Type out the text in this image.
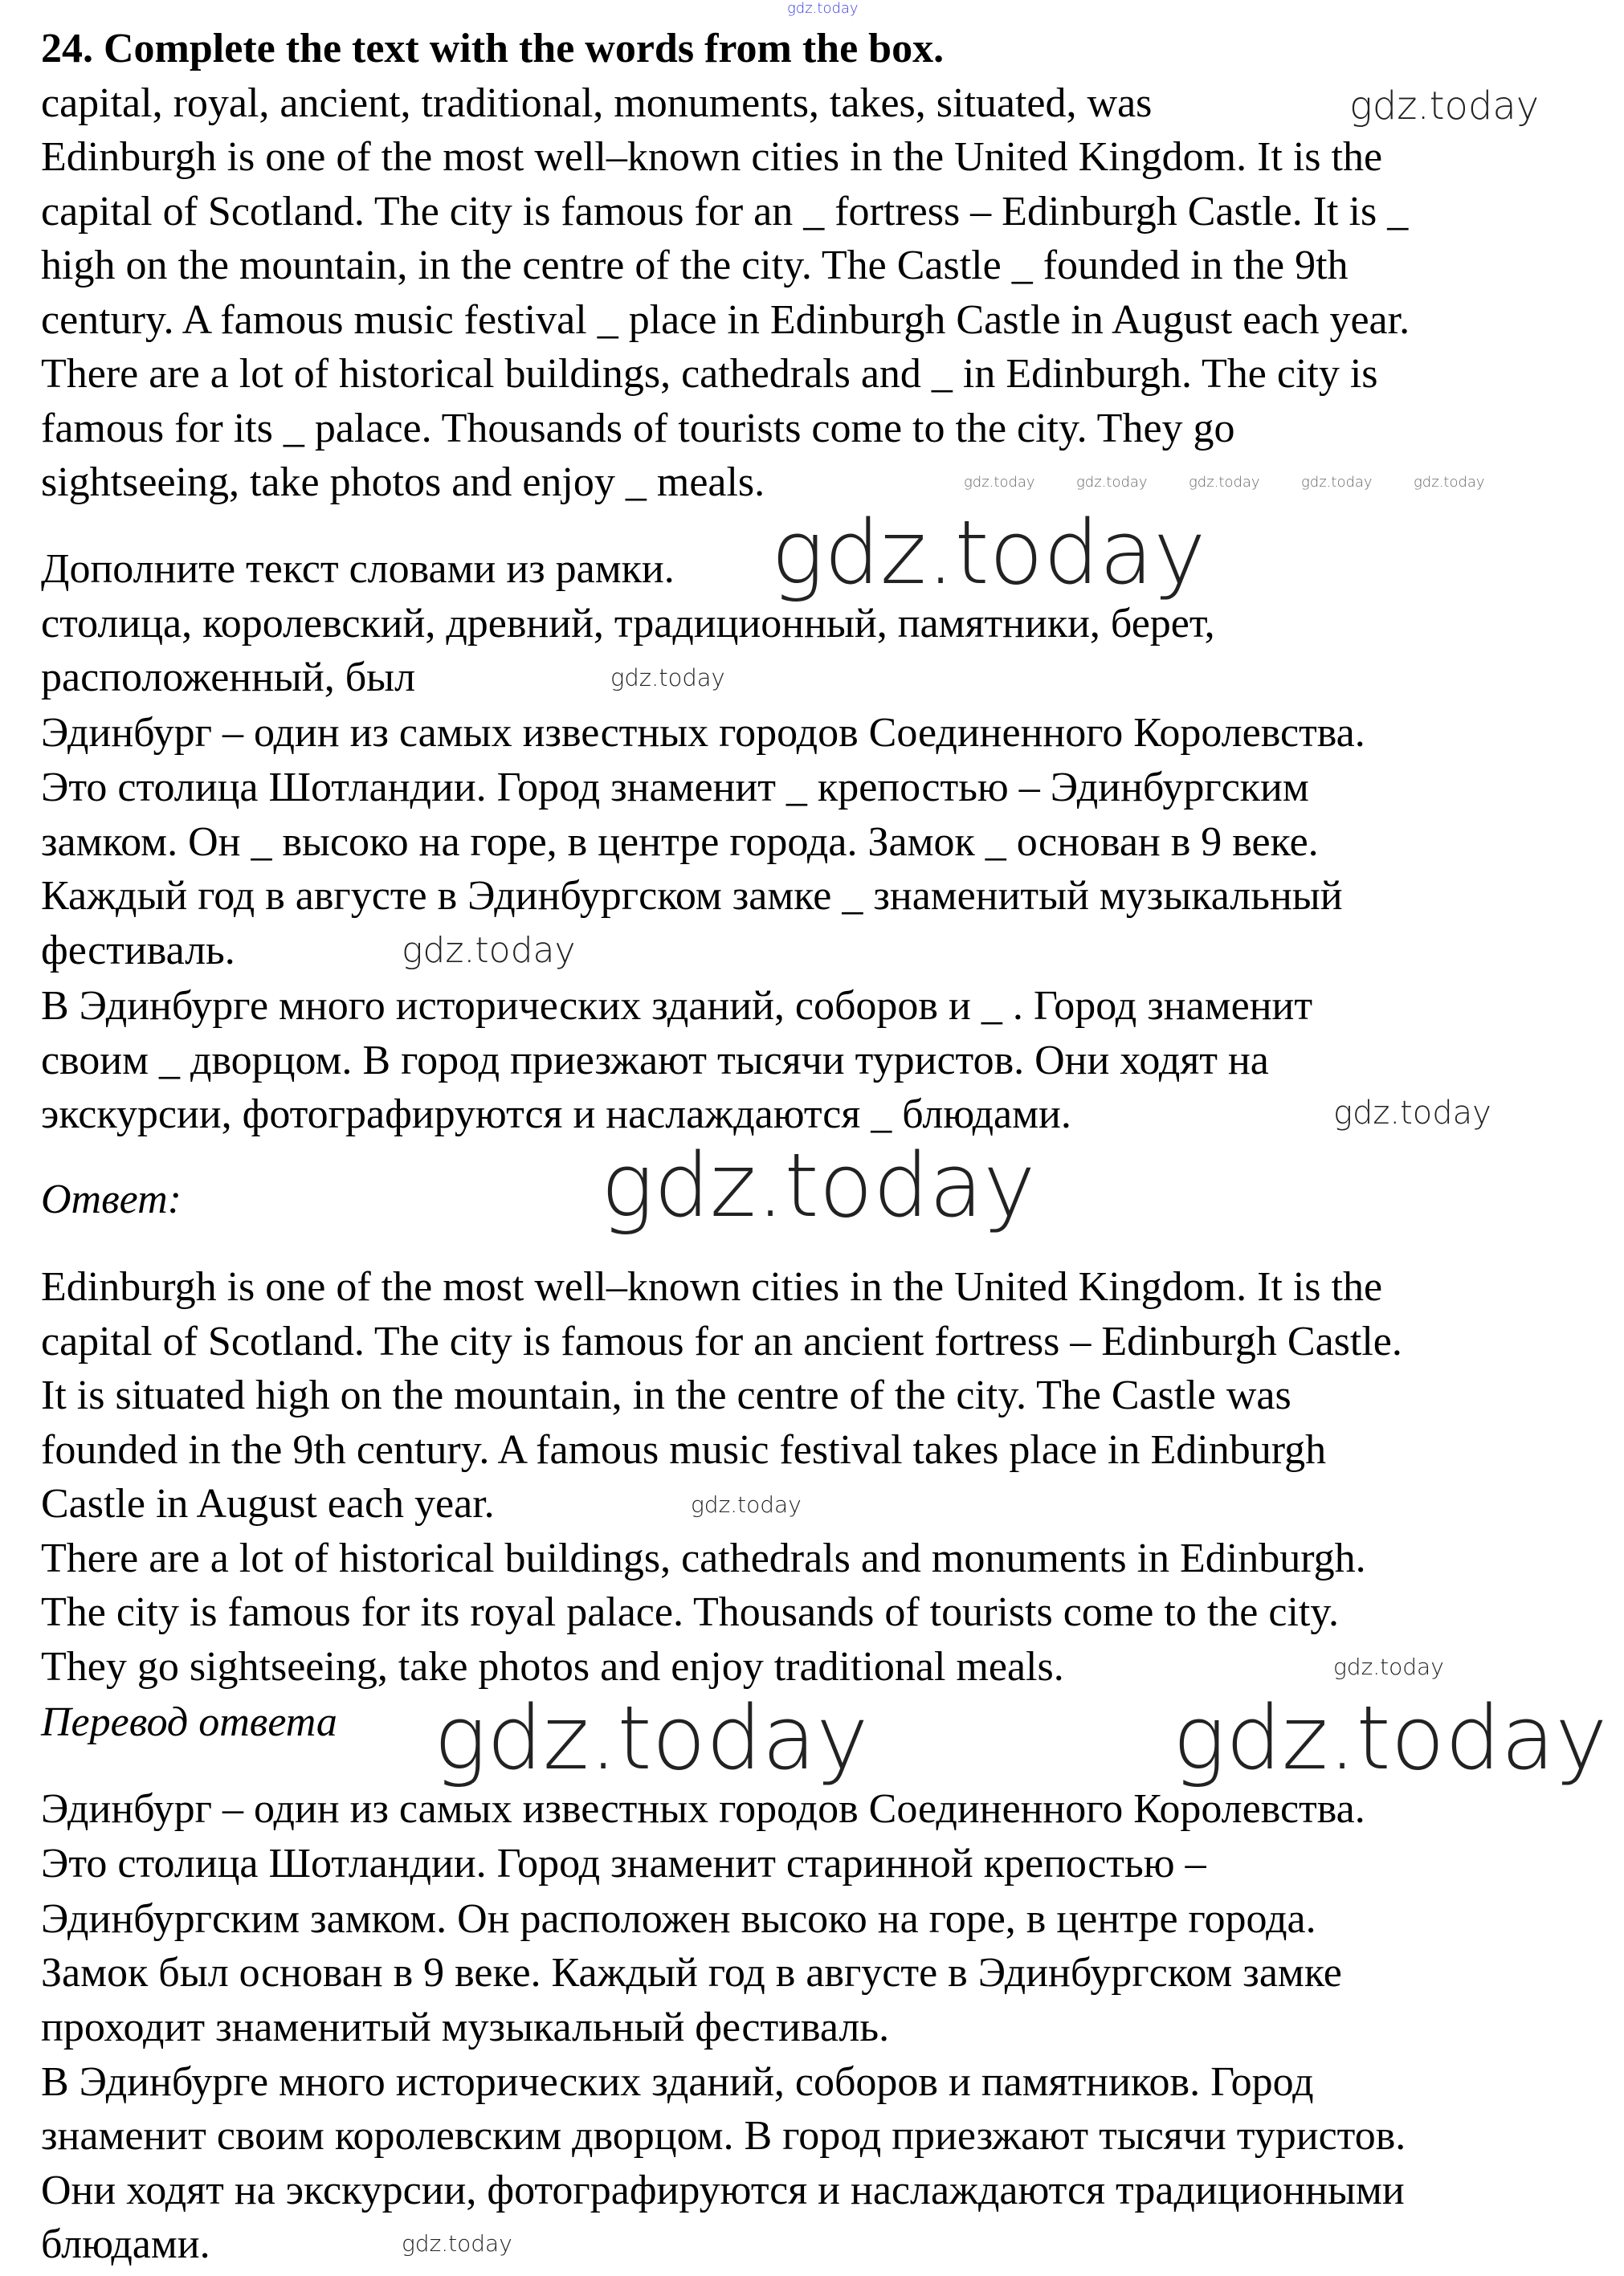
24. Complete the text with the words from the box.
capital, royal, ancient, traditional, monuments, takes, situated, was
Edinburgh is one of the most well–known cities in the United Kingdom. It is the
capital of Scotland. The city is famous for an _ fortress – Edinburgh Castle. It is _
high on the mountain, in the centre of the city. The Castle _ founded in the 9th
century. A famous music festival _ place in Edinburgh Castle in August each year.
There are a lot of historical buildings, cathedrals and _ in Edinburgh. The city is
famous for its _ palace. Thousands of tourists come to the city. They go
sightseeing, take photos and enjoy _ meals.
Дополните текст словами из рамки.
столица, королевский, древний, традиционный, памятники, берет,
расположенный, был
Эдинбург – один из самых известных городов Соединенного Королевства.
Это столица Шотландии. Город знаменит _ крепостью – Эдинбургским
замком. Он _ высоко на горе, в центре города. Замок _ основан в 9 веке.
Каждый год в августе в Эдинбургском замке _ знаменитый музыкальный
фестиваль.
В Эдинбурге много исторических зданий, соборов и _ . Город знаменит
своим _ дворцом. В город приезжают тысячи туристов. Они ходят на
экскурсии, фотографируются и наслаждаются _ блюдами.
Ответ:
Edinburgh is one of the most well–known cities in the United Kingdom. It is the
capital of Scotland. The city is famous for an ancient fortress – Edinburgh Castle.
It is situated high on the mountain, in the centre of the city. The Castle was
founded in the 9th century. A famous music festival takes place in Edinburgh
Castle in August each year.
There are a lot of historical buildings, cathedrals and monuments in Edinburgh.
The city is famous for its royal palace. Thousands of tourists come to the city.
They go sightseeing, take photos and enjoy traditional meals.
Перевод ответа
Эдинбург – один из самых известных городов Соединенного Королевства.
Это столица Шотландии. Город знаменит старинной крепостью –
Эдинбургским замком. Он расположен высоко на горе, в центре города.
Замок был основан в 9 веке. Каждый год в августе в Эдинбургском замке
проходит знаменитый музыкальный фестиваль.
В Эдинбурге много исторических зданий, соборов и памятников. Город
знаменит своим королевским дворцом. В город приезжают тысячи туристов.
Они ходят на экскурсии, фотографируются и наслаждаются традиционными
блюдами.
gdz.today
gdz.today	gdz.today	gdz.today	gdz.today	gdz.today
gdz.today
gdz.today
gdz.today
gdz.today
gdz.today
gdz.today
gdz.today
gdz.today
gdz.today
gdz.today	gdz.today
